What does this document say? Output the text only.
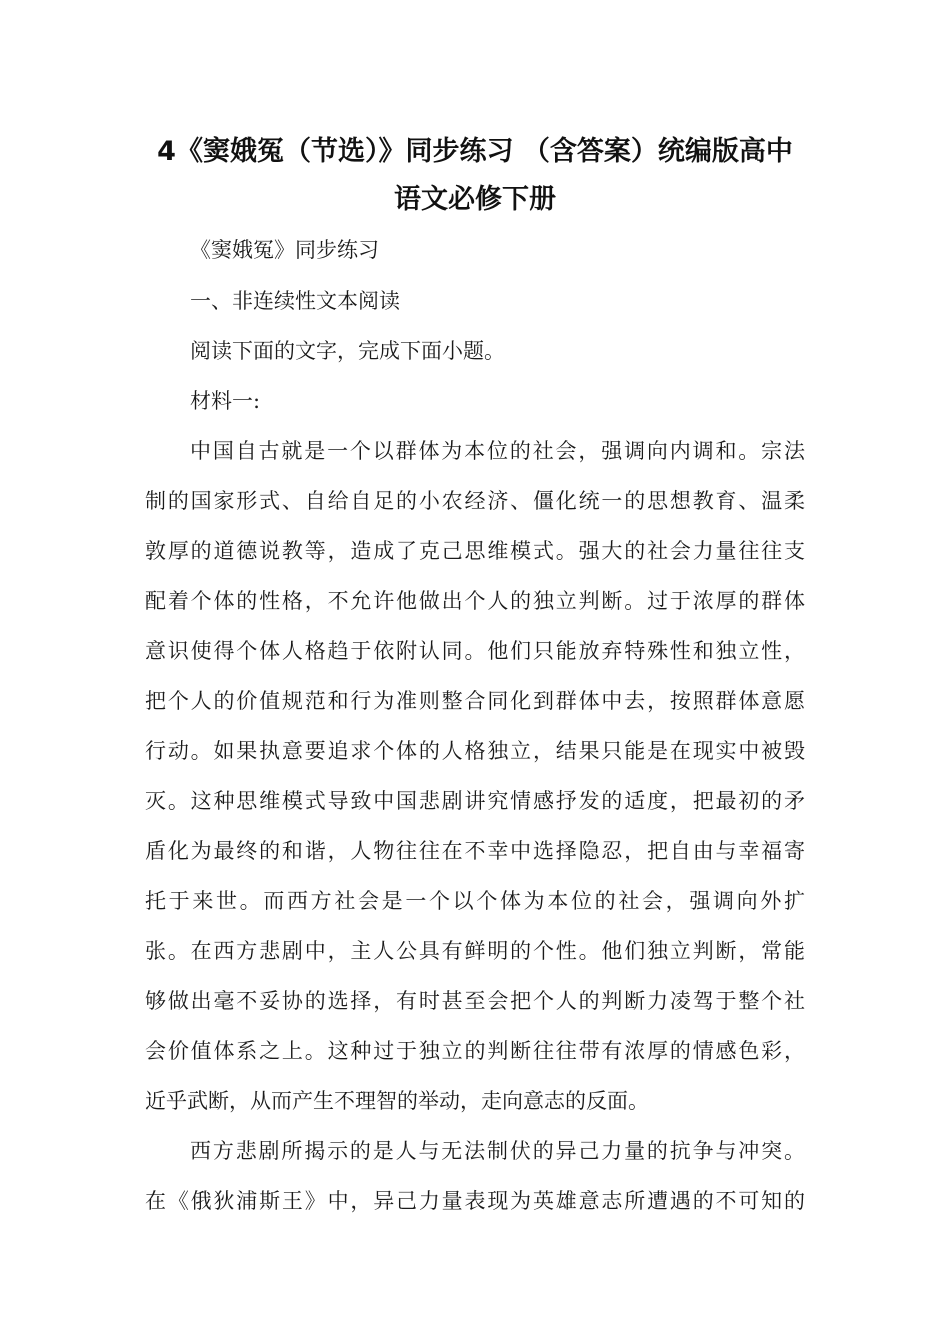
4《窦娥冤（节选）》同步练习 （含答案）统编版高中
语文必修下册
《窦娥冤》同步练习
一、非连续性文本阅读
阅读下面的文字，完成下面小题。
材料一:
中国自古就是一个以群体为本位的社会，强调向内调和。宗法
制的国家形式、自给自足的小农经济、僵化统一的思想教育、温柔
敦厚的道德说教等，造成了克己思维模式。强大的社会力量往往支
配着个体的性格，不允许他做出个人的独立判断。过于浓厚的群体
意识使得个体人格趋于依附认同。他们只能放弃特殊性和独立性，
把个人的价值规范和行为准则整合同化到群体中去，按照群体意愿
行动。如果执意要追求个体的人格独立，结果只能是在现实中被毁
灭。这种思维模式导致中国悲剧讲究情感抒发的适度，把最初的矛
盾化为最终的和谐，人物往往在不幸中选择隐忍，把自由与幸福寄
托于来世。而西方社会是一个以个体为本位的社会，强调向外扩
张。在西方悲剧中，主人公具有鲜明的个性。他们独立判断，常能
够做出毫不妥协的选择，有时甚至会把个人的判断力凌驾于整个社
会价值体系之上。这种过于独立的判断往往带有浓厚的情感色彩，
近乎武断，从而产生不理智的举动，走向意志的反面。
西方悲剧所揭示的是人与无法制伏的异己力量的抗争与冲突。
在《俄狄浦斯王》中，异己力量表现为英雄意志所遭遇的不可知的
